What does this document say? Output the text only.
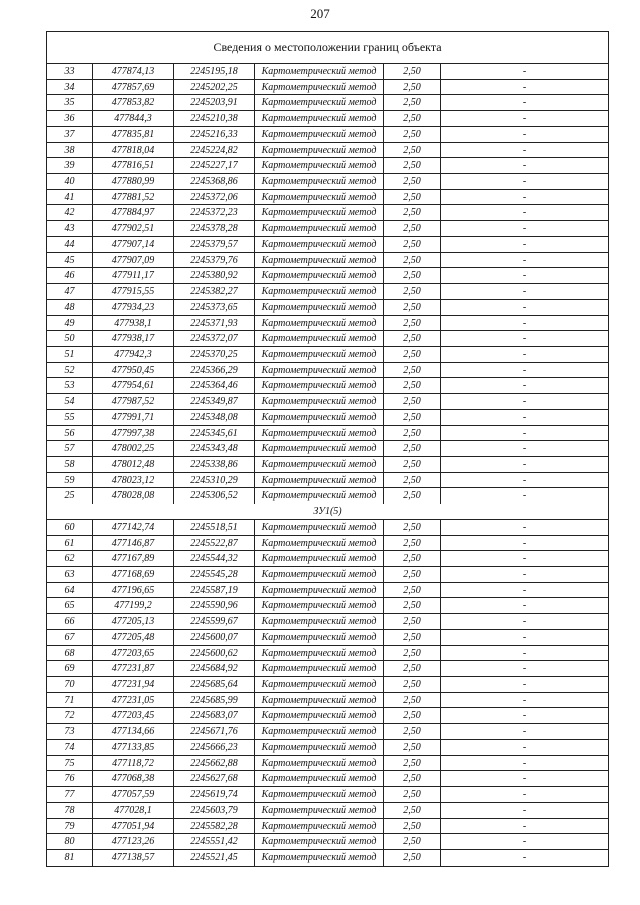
207
Сведения о местоположении границ объекта
33	477874,13	2245195,18	Картометрический метод	2,50	-
34	477857,69	2245202,25	Картометрический метод	2,50	-
35	477853,82	2245203,91	Картометрический метод	2,50	-
36	477844,3	2245210,38	Картометрический метод	2,50	-
37	477835,81	2245216,33	Картометрический метод	2,50	-
38	477818,04	2245224,82	Картометрический метод	2,50	-
39	477816,51	2245227,17	Картометрический метод	2,50	-
40	477880,99	2245368,86	Картометрический метод	2,50	-
41	477881,52	2245372,06	Картометрический метод	2,50	-
42	477884,97	2245372,23	Картометрический метод	2,50	-
43	477902,51	2245378,28	Картометрический метод	2,50	-
44	477907,14	2245379,57	Картометрический метод	2,50	-
45	477907,09	2245379,76	Картометрический метод	2,50	-
46	477911,17	2245380,92	Картометрический метод	2,50	-
47	477915,55	2245382,27	Картометрический метод	2,50	-
48	477934,23	2245373,65	Картометрический метод	2,50	-
49	477938,1	2245371,93	Картометрический метод	2,50	-
50	477938,17	2245372,07	Картометрический метод	2,50	-
51	477942,3	2245370,25	Картометрический метод	2,50	-
52	477950,45	2245366,29	Картометрический метод	2,50	-
53	477954,61	2245364,46	Картометрический метод	2,50	-
54	477987,52	2245349,87	Картометрический метод	2,50	-
55	477991,71	2245348,08	Картометрический метод	2,50	-
56	477997,38	2245345,61	Картометрический метод	2,50	-
57	478002,25	2245343,48	Картометрический метод	2,50	-
58	478012,48	2245338,86	Картометрический метод	2,50	-
59	478023,12	2245310,29	Картометрический метод	2,50	-
25	478028,08	2245306,52	Картометрический метод	2,50	-
ЗУ1(5)
60	477142,74	2245518,51	Картометрический метод	2,50	-
61	477146,87	2245522,87	Картометрический метод	2,50	-
62	477167,89	2245544,32	Картометрический метод	2,50	-
63	477168,69	2245545,28	Картометрический метод	2,50	-
64	477196,65	2245587,19	Картометрический метод	2,50	-
65	477199,2	2245590,96	Картометрический метод	2,50	-
66	477205,13	2245599,67	Картометрический метод	2,50	-
67	477205,48	2245600,07	Картометрический метод	2,50	-
68	477203,65	2245600,62	Картометрический метод	2,50	-
69	477231,87	2245684,92	Картометрический метод	2,50	-
70	477231,94	2245685,64	Картометрический метод	2,50	-
71	477231,05	2245685,99	Картометрический метод	2,50	-
72	477203,45	2245683,07	Картометрический метод	2,50	-
73	477134,66	2245671,76	Картометрический метод	2,50	-
74	477133,85	2245666,23	Картометрический метод	2,50	-
75	477118,72	2245662,88	Картометрический метод	2,50	-
76	477068,38	2245627,68	Картометрический метод	2,50	-
77	477057,59	2245619,74	Картометрический метод	2,50	-
78	477028,1	2245603,79	Картометрический метод	2,50	-
79	477051,94	2245582,28	Картометрический метод	2,50	-
80	477123,26	2245551,42	Картометрический метод	2,50	-
81	477138,57	2245521,45	Картометрический метод	2,50	-
